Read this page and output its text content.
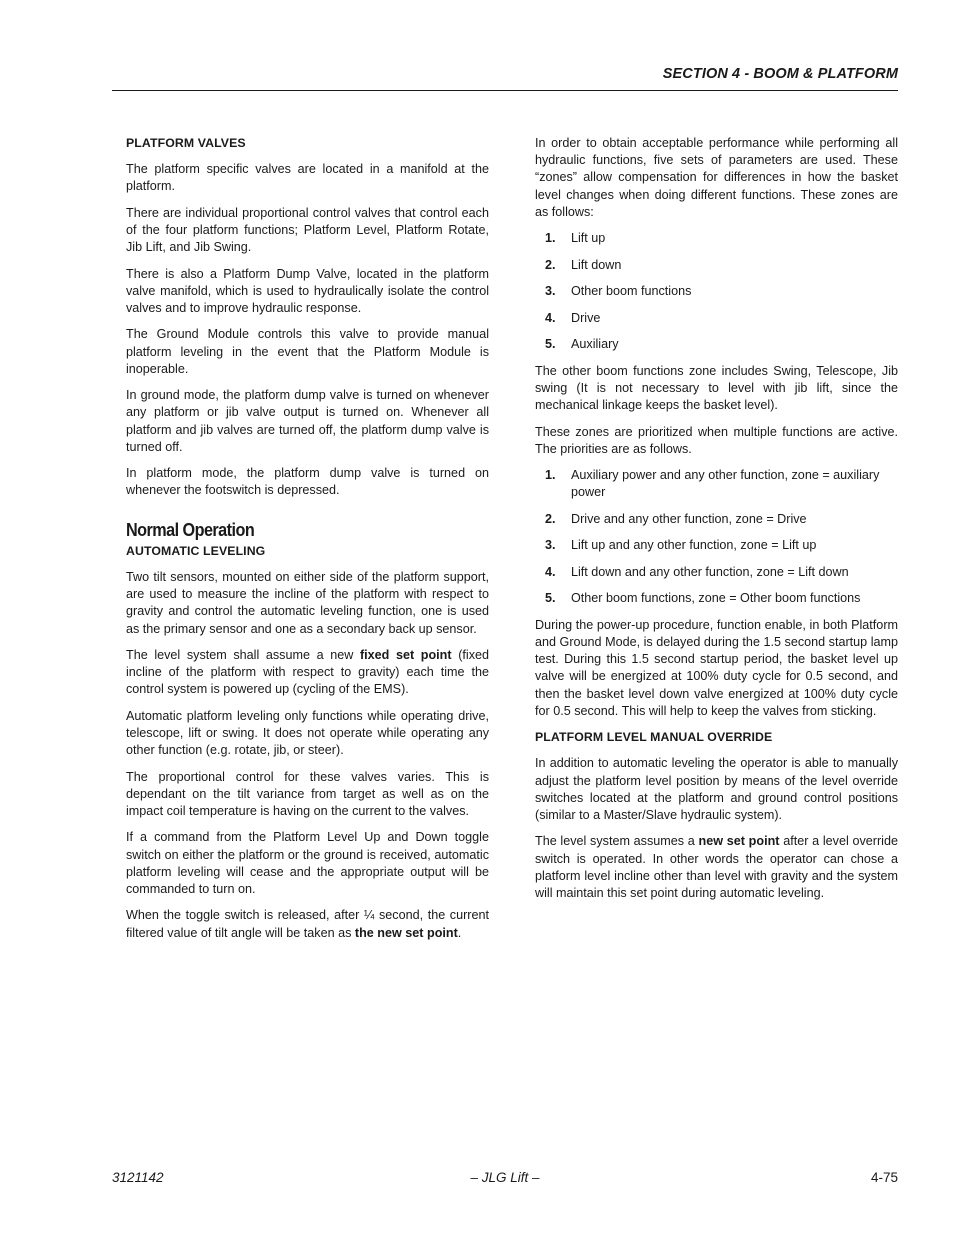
SECTION 4 - BOOM & PLATFORM
PLATFORM VALVES

The platform specific valves are located in a manifold at the platform.

There are individual proportional control valves that control each of the four platform functions; Platform Level, Platform Rotate, Jib Lift, and Jib Swing.

There is also a Platform Dump Valve, located in the platform valve manifold, which is used to hydraulically isolate the control valves and to improve hydraulic response.

The Ground Module controls this valve to provide manual platform leveling in the event that the Platform Module is inoperable.

In ground mode, the platform dump valve is turned on whenever any platform or jib valve output is turned on. Whenever all platform and jib valves are turned off, the platform dump valve is turned off.

In platform mode, the platform dump valve is turned on whenever the footswitch is depressed.

Normal Operation
AUTOMATIC LEVELING

Two tilt sensors, mounted on either side of the platform support, are used to measure the incline of the platform with respect to gravity and control the automatic leveling function, one is used as the primary sensor and one as a secondary back up sensor.

The level system shall assume a new fixed set point (fixed incline of the platform with respect to gravity) each time the control system is powered up (cycling of the EMS).

Automatic platform leveling only functions while operating drive, telescope, lift or swing. It does not operate while operating any other function (e.g. rotate, jib, or steer).

The proportional control for these valves varies. This is dependant on the tilt variance from target as well as on the impact coil temperature is having on the current to the valves.

If a command from the Platform Level Up and Down toggle switch on either the platform or the ground is received, automatic platform leveling will cease and the appropriate output will be commanded to turn on.

When the toggle switch is released, after ¼ second, the current filtered value of tilt angle will be taken as the new set point.

In order to obtain acceptable performance while performing all hydraulic functions, five sets of parameters are used. These “zones” allow compensation for differences in how the basket level changes when doing different functions. These zones are as follows:

1. Lift up
2. Lift down
3. Other boom functions
4. Drive
5. Auxiliary

The other boom functions zone includes Swing, Telescope, Jib swing (It is not necessary to level with jib lift, since the mechanical linkage keeps the basket level).

These zones are prioritized when multiple functions are active. The priorities are as follows.

1. Auxiliary power and any other function, zone = auxiliary power
2. Drive and any other function, zone = Drive
3. Lift up and any other function, zone = Lift up
4. Lift down and any other function, zone = Lift down
5. Other boom functions, zone = Other boom functions

During the power-up procedure, function enable, in both Platform and Ground Mode, is delayed during the 1.5 second startup lamp test. During this 1.5 second startup period, the basket level up valve will be energized at 100% duty cycle for 0.5 second, and then the basket level down valve energized at 100% duty cycle for 0.5 second. This will help to keep the valves from sticking.

PLATFORM LEVEL MANUAL OVERRIDE

In addition to automatic leveling the operator is able to manually adjust the platform level position by means of the level override switches located at the platform and ground control positions (similar to a Master/Slave hydraulic system).

The level system assumes a new set point after a level override switch is operated. In other words the operator can chose a platform level incline other than level with gravity and the system will maintain this set point during automatic leveling.

3121142	– JLG Lift –	4-75
